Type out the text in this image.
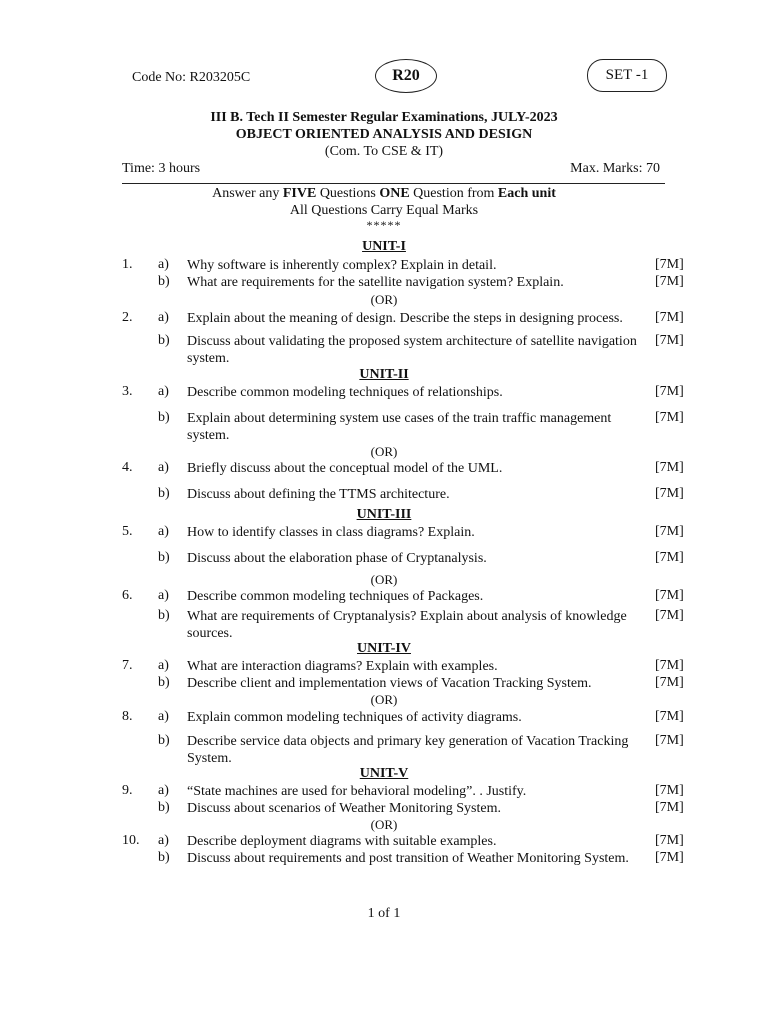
Code No: R203205C	R20	SET -1
III B. Tech II Semester Regular Examinations, JULY-2023
OBJECT ORIENTED ANALYSIS AND DESIGN
(Com. To CSE & IT)
Time: 3 hours	Max. Marks: 70
Answer any FIVE Questions ONE Question from Each unit
All Questions Carry Equal Marks
*****
UNIT-I
1. a) Why software is inherently complex? Explain in detail.	[7M]
b) What are requirements for the satellite navigation system? Explain.	[7M]
(OR)
2. a) Explain about the meaning of design. Describe the steps in designing process.	[7M]
b) Discuss about validating the proposed system architecture of satellite navigation system.
[7M]
UNIT-II
3. a) Describe common modeling techniques of relationships.	[7M]
b) Explain about determining system use cases of the train traffic management system.
[7M]
(OR)
4. a) Briefly discuss about the conceptual model of the UML.	[7M]
b) Discuss about defining the TTMS architecture.	[7M]
UNIT-III
5. a) How to identify classes in class diagrams? Explain.	[7M]
b) Discuss about the elaboration phase of Cryptanalysis.	[7M]
(OR)
6. a) Describe common modeling techniques of Packages.	[7M]
b) What are requirements of Cryptanalysis? Explain about analysis of knowledge sources.
[7M]
UNIT-IV
7. a) What are interaction diagrams? Explain with examples.	[7M]
b) Describe client and implementation views of Vacation Tracking System.	[7M]
(OR)
8. a) Explain common modeling techniques of activity diagrams.	[7M]
b) Describe service data objects and primary key generation of Vacation Tracking System.
[7M]
UNIT-V
9. a) “State machines are used for behavioral modeling”. . Justify.	[7M]
b) Discuss about scenarios of Weather Monitoring System.	[7M]
(OR)
10. a) Describe deployment diagrams with suitable examples.	[7M]
b) Discuss about requirements and post transition of Weather Monitoring System.	[7M]
1 of 1
